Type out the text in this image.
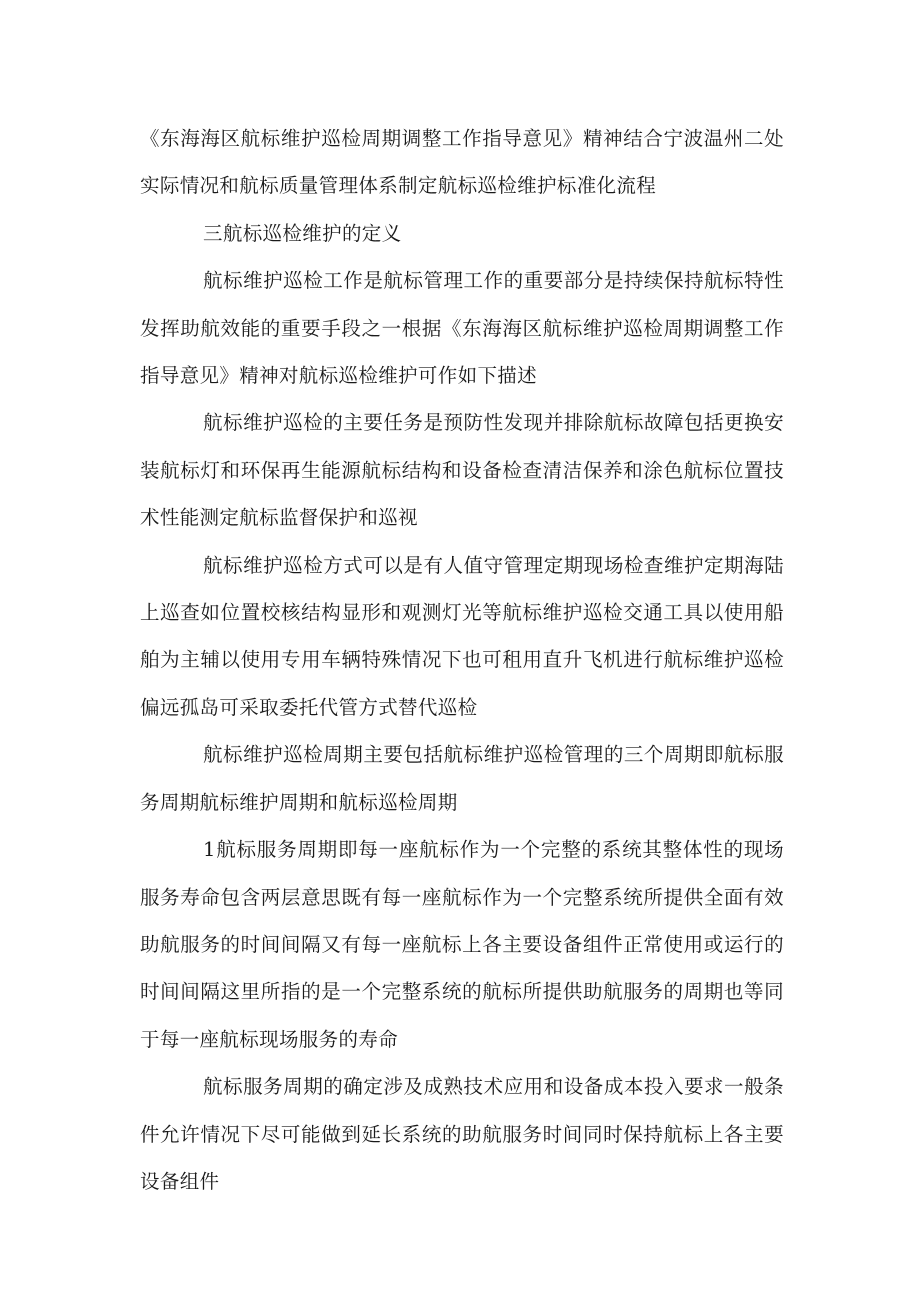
《东海海区航标维护巡检周期调整工作指导意见》精神结合宁波温州二处实际情况和航标质量管理体系制定航标巡检维护标准化流程

三航标巡检维护的定义

航标维护巡检工作是航标管理工作的重要部分是持续保持航标特性发挥助航效能的重要手段之一根据《东海海区航标维护巡检周期调整工作指导意见》精神对航标巡检维护可作如下描述

航标维护巡检的主要任务是预防性发现并排除航标故障包括更换安装航标灯和环保再生能源航标结构和设备检查清洁保养和涂色航标位置技术性能测定航标监督保护和巡视

航标维护巡检方式可以是有人值守管理定期现场检查维护定期海陆上巡查如位置校核结构显形和观测灯光等航标维护巡检交通工具以使用船舶为主辅以使用专用车辆特殊情况下也可租用直升飞机进行航标维护巡检偏远孤岛可采取委托代管方式替代巡检

航标维护巡检周期主要包括航标维护巡检管理的三个周期即航标服务周期航标维护周期和航标巡检周期

1航标服务周期即每一座航标作为一个完整的系统其整体性的现场服务寿命包含两层意思既有每一座航标作为一个完整系统所提供全面有效助航服务的时间间隔又有每一座航标上各主要设备组件正常使用或运行的时间间隔这里所指的是一个完整系统的航标所提供助航服务的周期也等同于每一座航标现场服务的寿命

航标服务周期的确定涉及成熟技术应用和设备成本投入要求一般条件允许情况下尽可能做到延长系统的助航服务时间同时保持航标上各主要设备组件
